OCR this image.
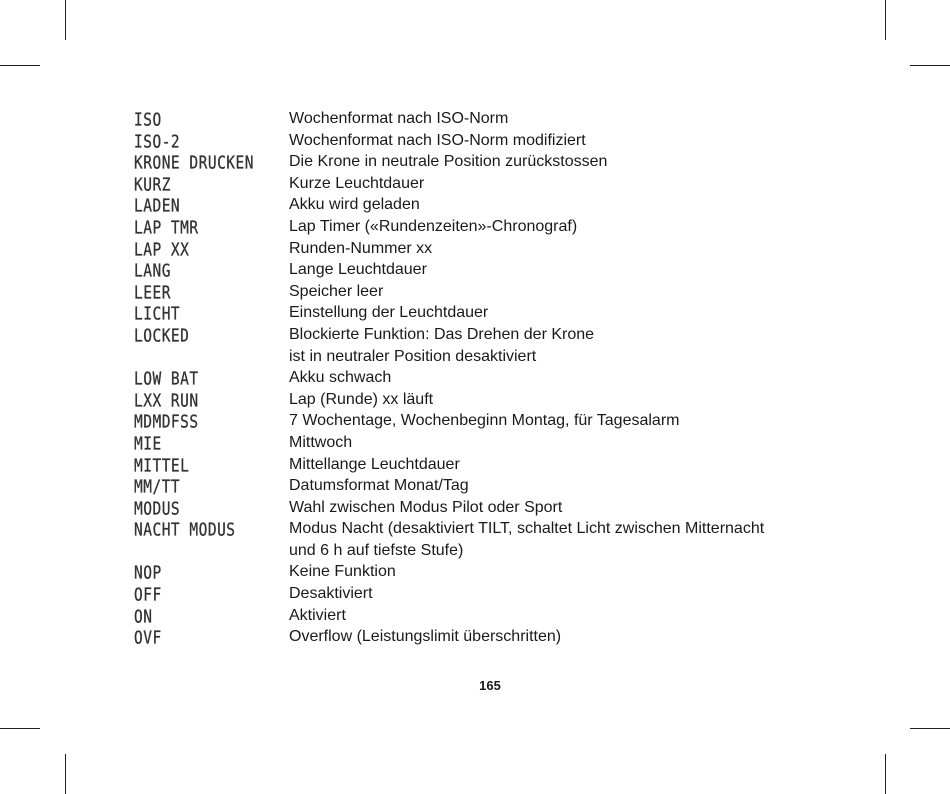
ISO	Wochenformat nach ISO-Norm
ISO-2	Wochenformat nach ISO-Norm modifiziert
KRONE DRUCKEN	Die Krone in neutrale Position zurückstossen
KURZ	Kurze Leuchtdauer
LADEN	Akku wird geladen
LAP TMR	Lap Timer («Rundenzeiten»-Chronograf)
LAP XX	Runden-Nummer xx
LANG	Lange Leuchtdauer
LEER	Speicher leer
LICHT	Einstellung der Leuchtdauer
LOCKED	Blockierte Funktion: Das Drehen der Krone
ist in neutraler Position desaktiviert
LOW BAT	Akku schwach
LXX RUN	Lap (Runde) xx läuft
MDMDFSS	7 Wochentage, Wochenbeginn Montag, für Tagesalarm
MIE	Mittwoch
MITTEL	Mittellange Leuchtdauer
MM/TT	Datumsformat Monat/Tag
MODUS	Wahl zwischen Modus Pilot oder Sport
NACHT MODUS	Modus Nacht (desaktiviert TILT, schaltet Licht zwischen Mitternacht
und 6 h auf tiefste Stufe)
NOP	Keine Funktion
OFF	Desaktiviert
ON	Aktiviert
OVF	Overflow (Leistungslimit überschritten)
165
